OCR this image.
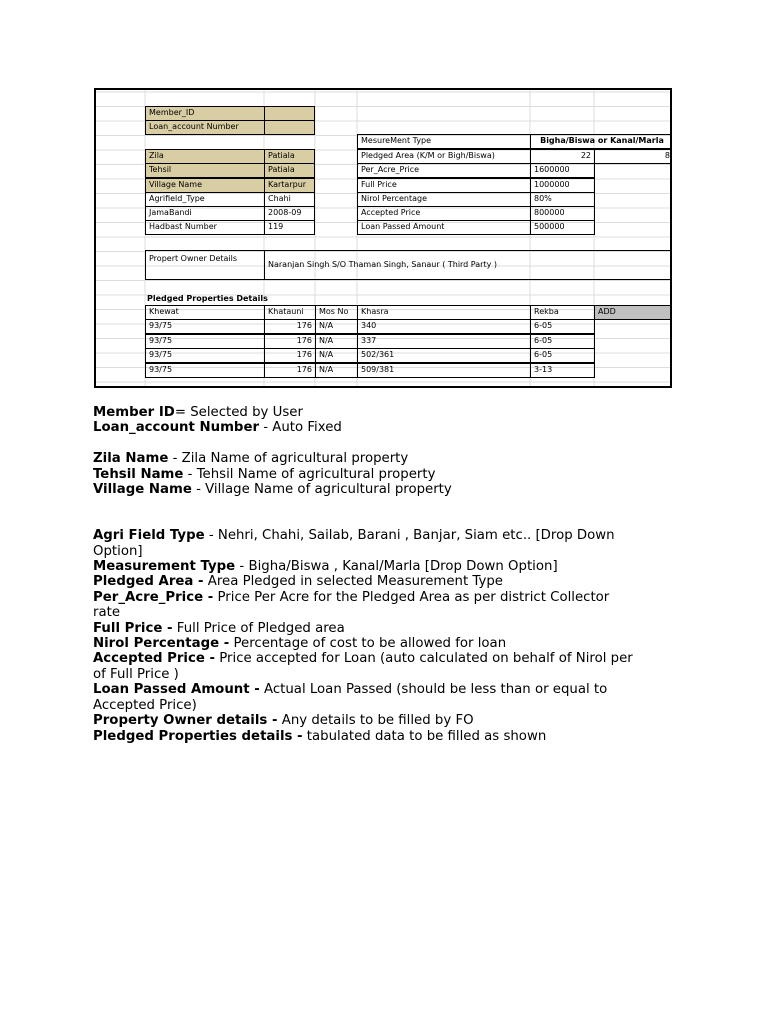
Member_ID
Loan_account Number
Zila	Patiala
Tehsil	Patiala
Village Name	Kartarpur
Agrifield_Type	Chahi
JamaBandi	2008-09
Hadbast Number	119
MesureMent Type	Bigha/Biswa or Kanal/Marla
Pledged Area (K/M or Bigh/Biswa)	22	8
Per_Acre_Price	1600000
Full Price	1000000
Nirol Percentage	80%
Accepted Price	800000
Loan Passed Amount	500000
Propert Owner Details
Naranjan Singh S/O Thaman Singh, Sanaur ( Third Party )
Pledged Properties Details
ADD
Khewat	Khatauni	Mos No	Khasra	Rekba
93/75	176 N/A	340	6-05
93/75	176 N/A	337	6-05
93/75	176 N/A	502/361	6-05
93/75	176 N/A	509/381	3-13
Member ID= Selected by User
Loan_account Number - Auto Fixed
Zila Name - Zila Name of agricultural property
Tehsil Name - Tehsil Name of agricultural property
Village Name - Village Name of agricultural property
Agri Field Type - Nehri, Chahi, Sailab, Barani , Banjar, Siam etc.. [Drop Down
Option]
Measurement Type - Bigha/Biswa , Kanal/Marla [Drop Down Option]
Pledged Area - Area Pledged in selected Measurement Type
Per_Acre_Price - Price Per Acre for the Pledged Area as per district Collector
rate
Full Price - Full Price of Pledged area
Nirol Percentage - Percentage of cost to be allowed for loan
Accepted Price - Price accepted for Loan (auto calculated on behalf of Nirol per
of Full Price )
Loan Passed Amount - Actual Loan Passed (should be less than or equal to
Accepted Price)
Property Owner details - Any details to be filled by FO
Pledged Properties details - tabulated data to be filled as shown
